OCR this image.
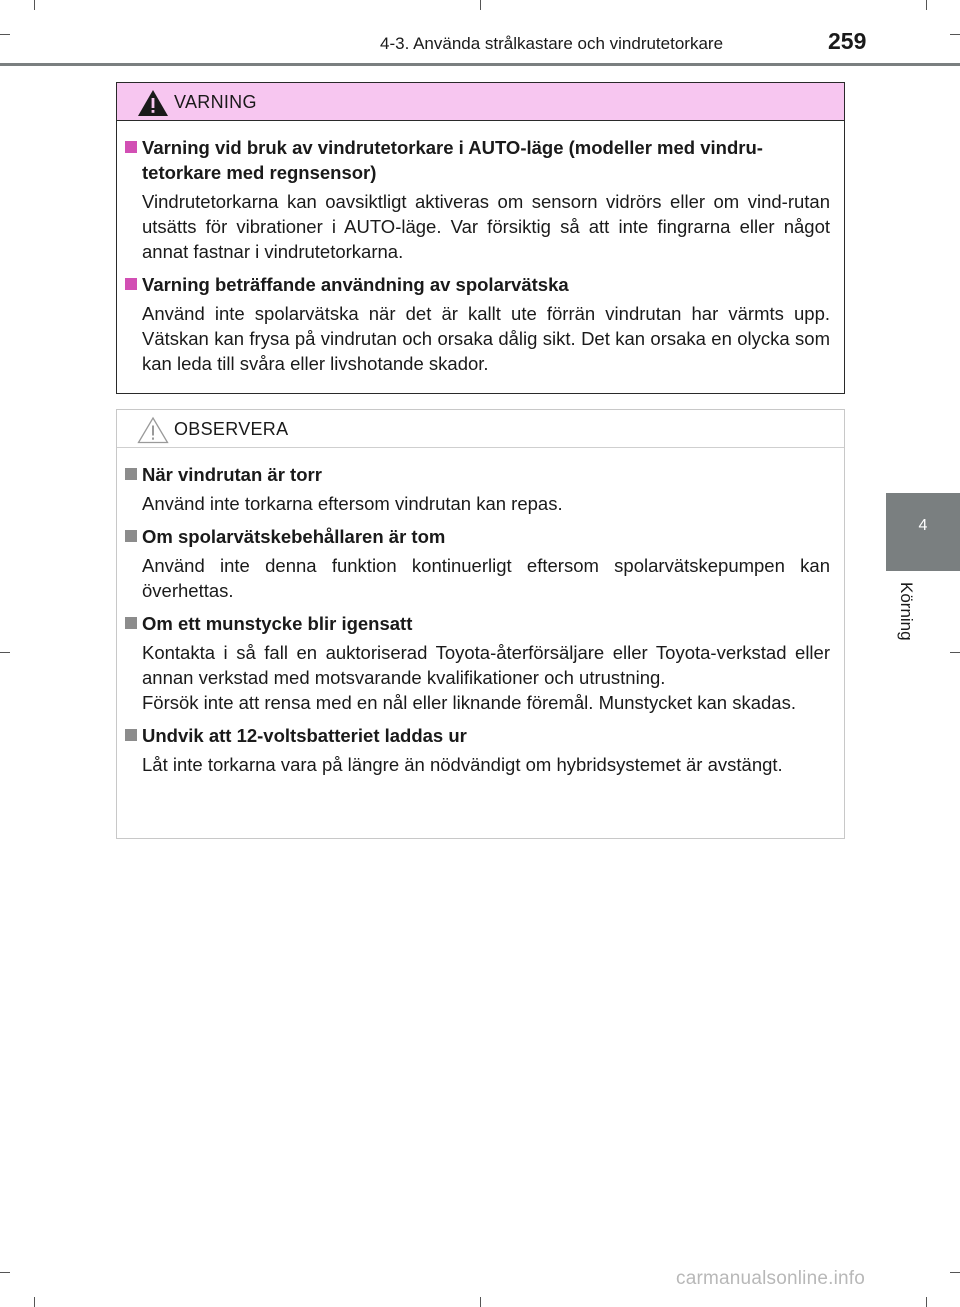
4-3. Använda strålkastare och vindrutetorkare	259
4
Körning
VARNING
Varning vid bruk av vindrutetorkare i AUTO-läge (modeller med vindru-tetorkare med regnsensor)
Vindrutetorkarna kan oavsiktligt aktiveras om sensorn vidrörs eller om vind-rutan utsätts för vibrationer i AUTO-läge. Var försiktig så att inte fingrarna eller något annat fastnar i vindrutetorkarna.
Varning beträffande användning av spolarvätska
Använd inte spolarvätska när det är kallt ute förrän vindrutan har värmts upp. Vätskan kan frysa på vindrutan och orsaka dålig sikt. Det kan orsaka en olycka som kan leda till svåra eller livshotande skador.
OBSERVERA
När vindrutan är torr
Använd inte torkarna eftersom vindrutan kan repas.
Om spolarvätskebehållaren är tom
Använd inte denna funktion kontinuerligt eftersom spolarvätskepumpen kan överhettas.
Om ett munstycke blir igensatt
Kontakta i så fall en auktoriserad Toyota-återförsäljare eller Toyota-verkstad eller annan verkstad med motsvarande kvalifikationer och utrustning.
Försök inte att rensa med en nål eller liknande föremål. Munstycket kan skadas.
Undvik att 12-voltsbatteriet laddas ur
Låt inte torkarna vara på längre än nödvändigt om hybridsystemet är avstängt.
carmanualsonline.info
